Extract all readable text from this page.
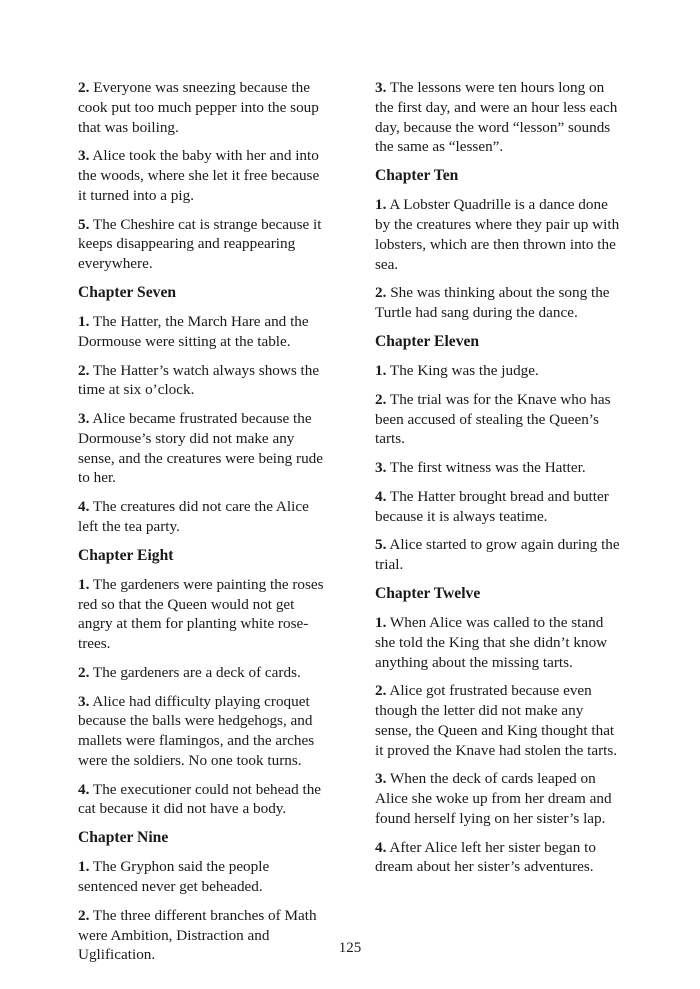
2. Everyone was sneezing because the cook put too much pepper into the soup that was boiling.

3. Alice took the baby with her and into the woods, where she let it free because it turned into a pig.

5. The Cheshire cat is strange because it keeps disappearing and reappearing everywhere.

Chapter Seven

1. The Hatter, the March Hare and the Dormouse were sitting at the table.

2. The Hatter’s watch always shows the time at six o’clock.

3. Alice became frustrated because the Dormouse’s story did not make any sense, and the creatures were being rude to her.

4. The creatures did not care the Alice left the tea party.

Chapter Eight

1. The gardeners were painting the roses red so that the Queen would not get angry at them for planting white rose-trees.

2. The gardeners are a deck of cards.

3. Alice had difficulty playing croquet because the balls were hedgehogs, and mallets were flamingos, and the arches were the soldiers. No one took turns.

4. The executioner could not behead the cat because it did not have a body.

Chapter Nine

1. The Gryphon said the people sentenced never get beheaded.

2. The three different branches of Math were Ambition, Distraction and Uglification.

3. The lessons were ten hours long on the first day, and were an hour less each day, because the word “lesson” sounds the same as “lessen”.

Chapter Ten

1. A Lobster Quadrille is a dance done by the creatures where they pair up with lobsters, which are then thrown into the sea.

2. She was thinking about the song the Turtle had sang during the dance.

Chapter Eleven

1. The King was the judge.

2. The trial was for the Knave who has been accused of stealing the Queen’s tarts.

3. The first witness was the Hatter.

4. The Hatter brought bread and butter because it is always teatime.

5. Alice started to grow again during the trial.

Chapter Twelve

1. When Alice was called to the stand she told the King that she didn’t know anything about the missing tarts.

2. Alice got frustrated because even though the letter did not make any sense, the Queen and King thought that it proved the Knave had stolen the tarts.

3. When the deck of cards leaped on Alice she woke up from her dream and found herself lying on her sister’s lap.

4. After Alice left her sister began to dream about her sister’s adventures.

125
